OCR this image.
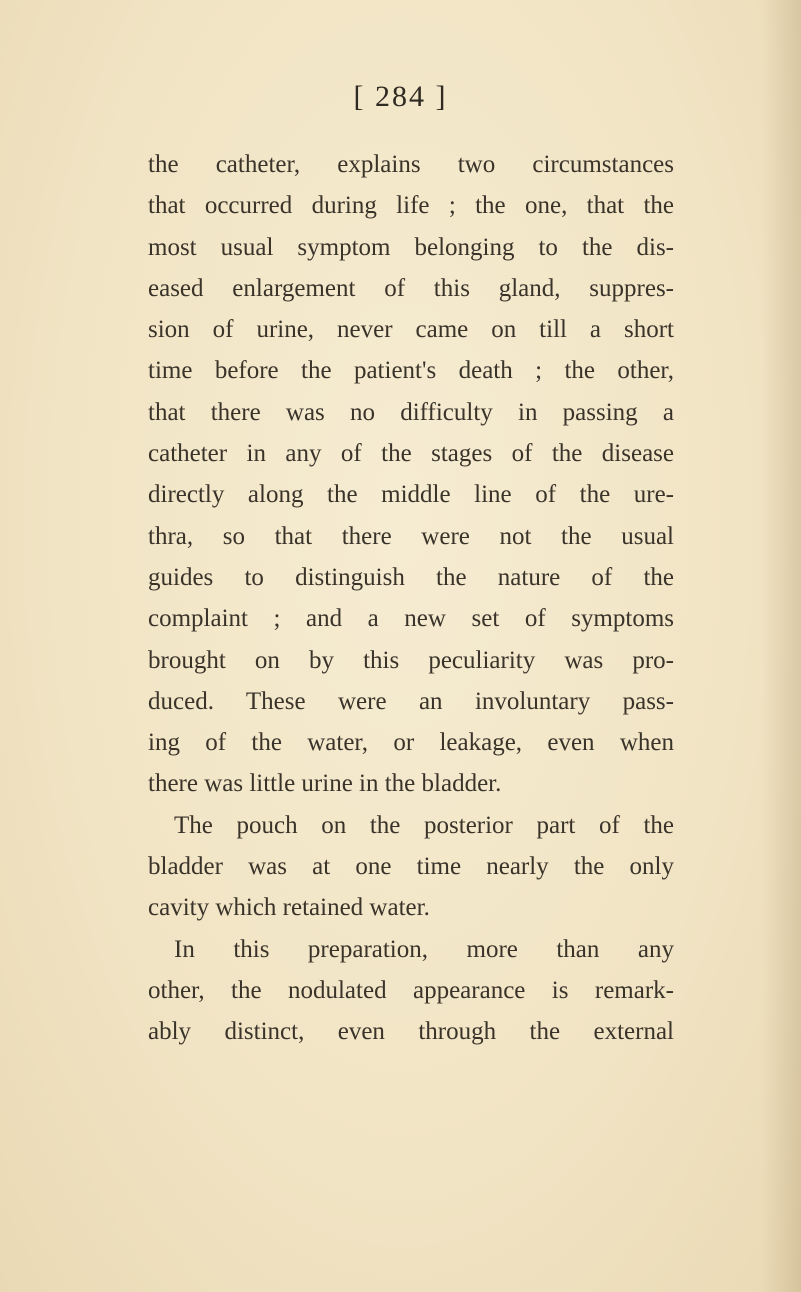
[ 284 ]
the catheter, explains two circumstances
that occurred during life ; the one, that the
most usual symptom belonging to the dis-
eased enlargement of this gland, suppres-
sion of urine, never came on till a short
time before the patient's death ; the other,
that there was no difficulty in passing a
catheter in any of the stages of the disease
directly along the middle line of the ure-
thra, so that there were not the usual
guides to distinguish the nature of the
complaint ; and a new set of symptoms
brought on by this peculiarity was pro-
duced. These were an involuntary pass-
ing of the water, or leakage, even when
there was little urine in the bladder.
The pouch on the posterior part of the
bladder was at one time nearly the only
cavity which retained water.
In this preparation, more than any
other, the nodulated appearance is remark-
ably distinct, even through the external
